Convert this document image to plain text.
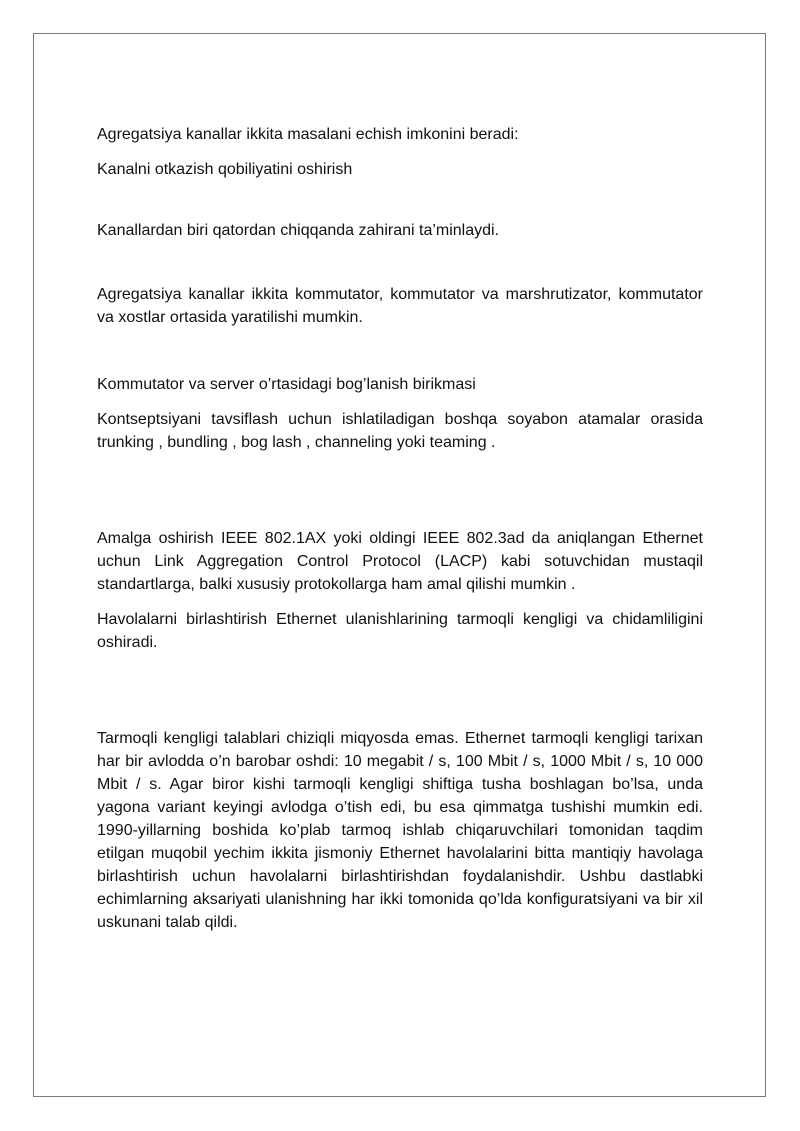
Agregatsiya kanallar ikkita masalani echish imkonini beradi:

Kanalni otkazish qobiliyatini oshirish

Kanallardan biri qatordan chiqqanda zahirani ta’minlaydi.

Agregatsiya kanallar ikkita kommutator, kommutator va marshrutizator, kommutator va xostlar ortasida yaratilishi mumkin.

Kommutator va server o’rtasidagi bog’lanish birikmasi

Kontseptsiyani tavsiflash uchun ishlatiladigan boshqa soyabon atamalar orasida trunking , bundling , bog lash , channeling yoki teaming .

Amalga oshirish IEEE 802.1AX yoki oldingi IEEE 802.3ad da aniqlangan Ethernet uchun Link Aggregation Control Protocol (LACP) kabi sotuvchidan mustaqil standartlarga, balki xususiy protokollarga ham amal qilishi mumkin .

Havolalarni birlashtirish Ethernet ulanishlarining tarmoqli kengligi va chidamliligini oshiradi.

Tarmoqli kengligi talablari chiziqli miqyosda emas. Ethernet tarmoqli kengligi tarixan har bir avlodda o’n barobar oshdi: 10 megabit / s, 100 Mbit / s, 1000 Mbit / s, 10 000 Mbit / s. Agar biror kishi tarmoqli kengligi shiftiga tusha boshlagan bo’lsa, unda yagona variant keyingi avlodga o’tish edi, bu esa qimmatga tushishi mumkin edi. 1990-yillarning boshida ko’plab tarmoq ishlab chiqaruvchilari tomonidan taqdim etilgan muqobil yechim ikkita jismoniy Ethernet havolalarini bitta mantiqiy havolaga birlashtirish uchun havolalarni birlashtirishdan foydalanishdir. Ushbu dastlabki echimlarning aksariyati ulanishning har ikki tomonida qo’lda konfiguratsiyani va bir xil uskunani talab qildi.
